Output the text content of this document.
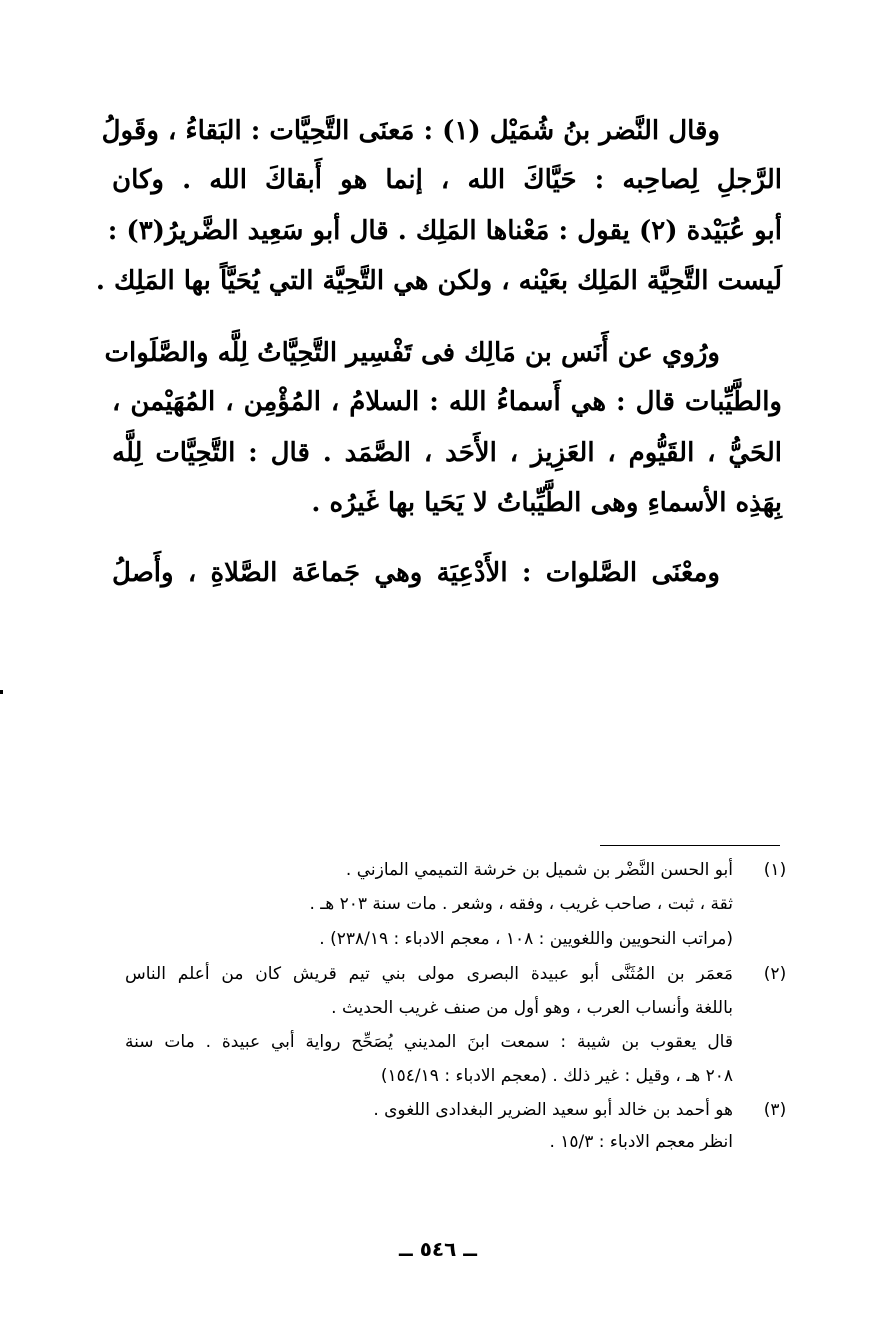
وقال النَّضر بنُ شُمَيْل (١) : مَعنَى التَّحِيَّات : البَقاءُ ، وقَولُ
الرَّجلِ لِصاحِبه : حَيَّاكَ الله ، إنما هو أَبقاكَ الله . وكان
أبو عُبَيْدة (٢) يقول : مَعْناها المَلِك . قال أبو سَعِيد الضَّريرُ(٣) :
لَيست التَّحِيَّة المَلِك بعَيْنه ، ولكن هي التَّحِيَّة التي يُحَيَّاً بها المَلِك .
ورُوي عن أَنَس بن مَالِك فى تَفْسِير التَّحِيَّاتُ لِلَّه والصَّلَوات
والطَّيِّبات قال : هي أَسماءُ الله : السلامُ ، المُؤْمِن ، المُهَيْمن ،
الحَيُّ ، القَيُّوم ، العَزِيز ، الأَحَد ، الصَّمَد . قال : التَّحِيَّات لِلَّه
بِهَذِه الأسماءِ وهى الطَّيِّباتُ لا يَحَيا بها غَيرُه .
ومعْنَى الصَّلوات : الأَدْعِيَة وهي جَماعَة الصَّلاةِ ، وأَصلُ
(١)
أبو الحسن النَّضْر بن شميل بن خرشة التميمي المازني .
ثقة ، ثبت ، صاحب غريب ، وفقه ، وشعر . مات سنة ٢٠٣ هـ .
(مراتب النحويين واللغويين : ١٠٨ ، معجم الادباء : ٢٣٨/١٩) .
(٢)
مَعمَر بن المُثَنَّى أبو عبيدة البصرى مولى بني تيم قريش كان من أعلم الناس
باللغة وأنساب العرب ، وهو أول من صنف غريب الحديث .
قال يعقوب بن شيبة : سمعت ابنَ المديني يُصَحِّح رواية أبي عبيدة . مات سنة
٢٠٨ هـ ، وقيل : غير ذلك . (معجم الادباء : ١٥٤/١٩)
(٣)
هو أحمد بن خالد أبو سعيد الضرير البغدادى اللغوى .
انظر معجم الادباء : ١٥/٣ .
ــ ٥٤٦ ــ
